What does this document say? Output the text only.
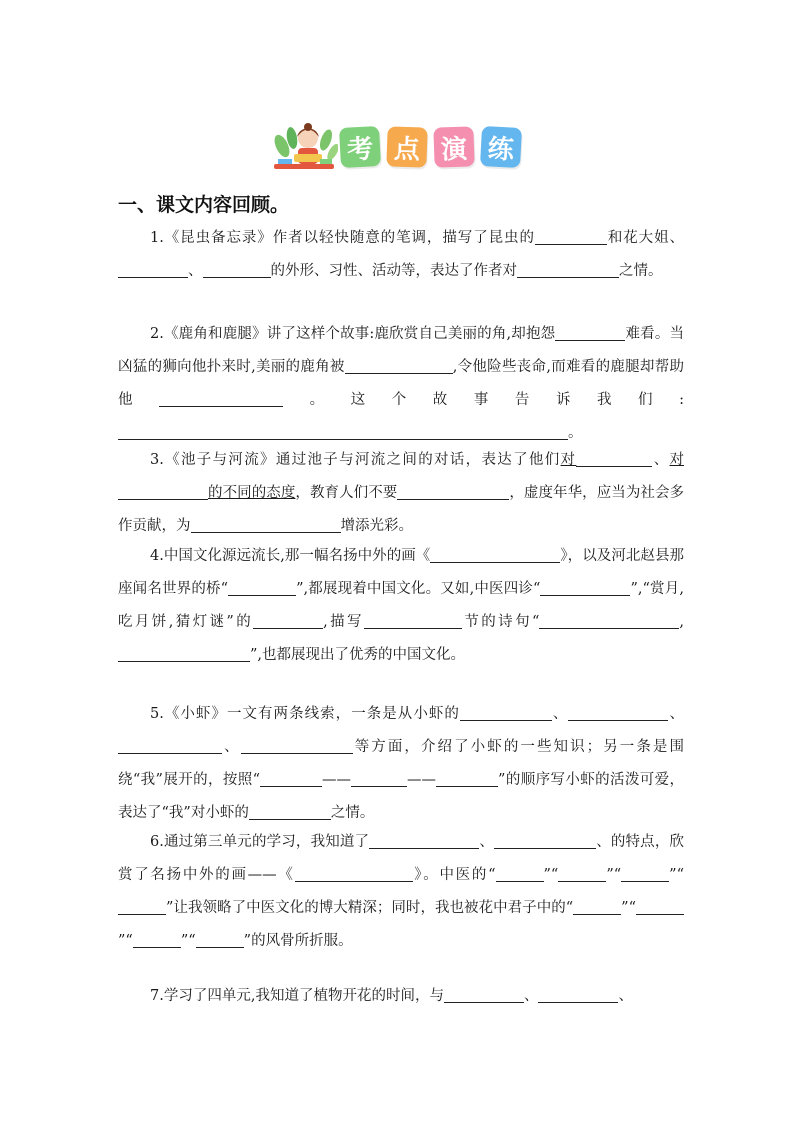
考 点 演 练
一、课文内容回顾。
1.《昆虫备忘录》作者以轻快随意的笔调，描写了昆虫的	和花大姐、、	的外形、习性、活动等，表达了作者对	之情。
2.《鹿角和鹿腿》讲了这样个故事:鹿欣赏自己美丽的角,却抱怨	难看。当凶猛的狮向他扑来时,美丽的鹿角被	,令他险些丧命,而难看的鹿腿却帮助他	。这个故事告诉我们:。
3.《池子与河流》通过池子与河流之间的对话，表达了他们对	、对的不同的态度，教育人们不要	，虚度年华，应当为社会多作贡献，为	增添光彩。
4.中国文化源远流长,那一幅名扬中外的画《	》，以及河北赵县那座闻名世界的桥“	”,都展现着中国文化。又如,中医四诊“	”,“赏月,吃月饼,猜灯谜”的	,描写	节的诗句“	,”,也都展现出了优秀的中国文化。
5.《小虾》一文有两条线索，一条是从小虾的	、	、、	等方面，介绍了小虾的一些知识；另一条是围绕“我”展开的，按照“	——	——	”的顺序写小虾的活泼可爱，表达了“我”对小虾的	之情。
6.通过第三单元的学习，我知道了	、	、的特点，欣赏了名扬中外的画——《	》。中医的“	”“	”“	”“”让我领略了中医文化的博大精深；同时，我也被花中君子中的“	”“”“	”“	”的风骨所折服。
7.学习了四单元,我知道了植物开花的时间，与	、	、
